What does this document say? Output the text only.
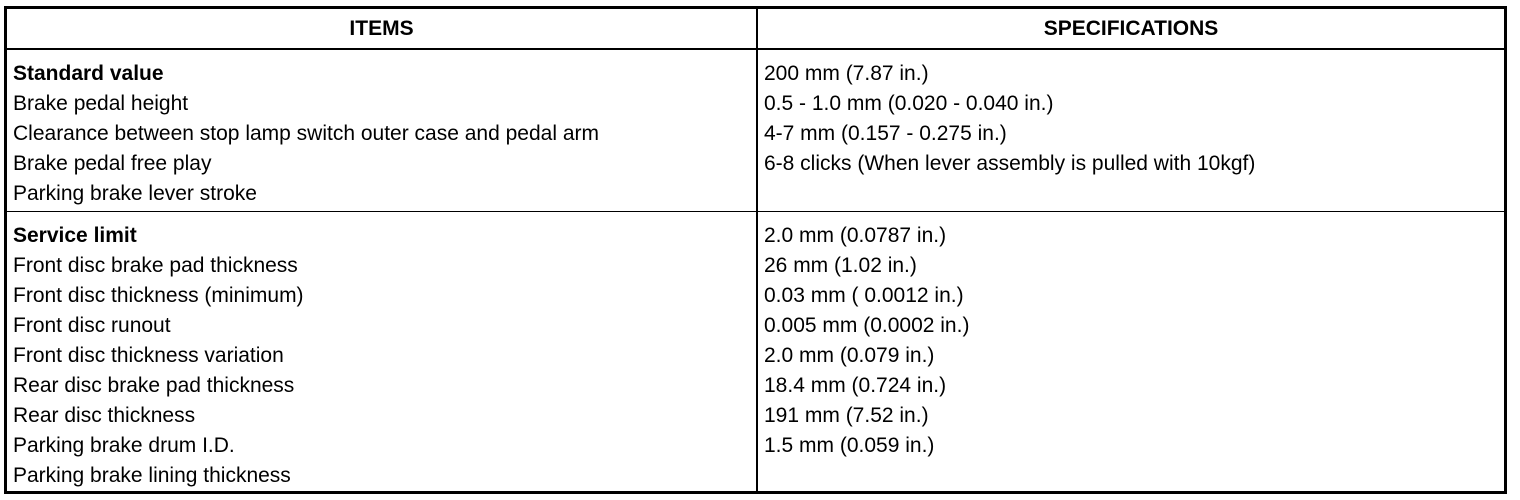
ITEMS	SPECIFICATIONS
Standard value
Brake pedal height
Clearance between stop lamp switch outer case and pedal arm
Brake pedal free play
Parking brake lever stroke
200 mm (7.87 in.)
0.5 - 1.0 mm (0.020 - 0.040 in.)
4-7 mm (0.157 - 0.275 in.)
6-8 clicks (When lever assembly is pulled with 10kgf)
Service limit
Front disc brake pad thickness
Front disc thickness (minimum)
Front disc runout
Front disc thickness variation
Rear disc brake pad thickness
Rear disc thickness
Parking brake drum I.D.
Parking brake lining thickness
2.0 mm (0.0787 in.)
26 mm (1.02 in.)
0.03 mm ( 0.0012 in.)
0.005 mm (0.0002 in.)
2.0 mm (0.079 in.)
18.4 mm (0.724 in.)
191 mm (7.52 in.)
1.5 mm (0.059 in.)
